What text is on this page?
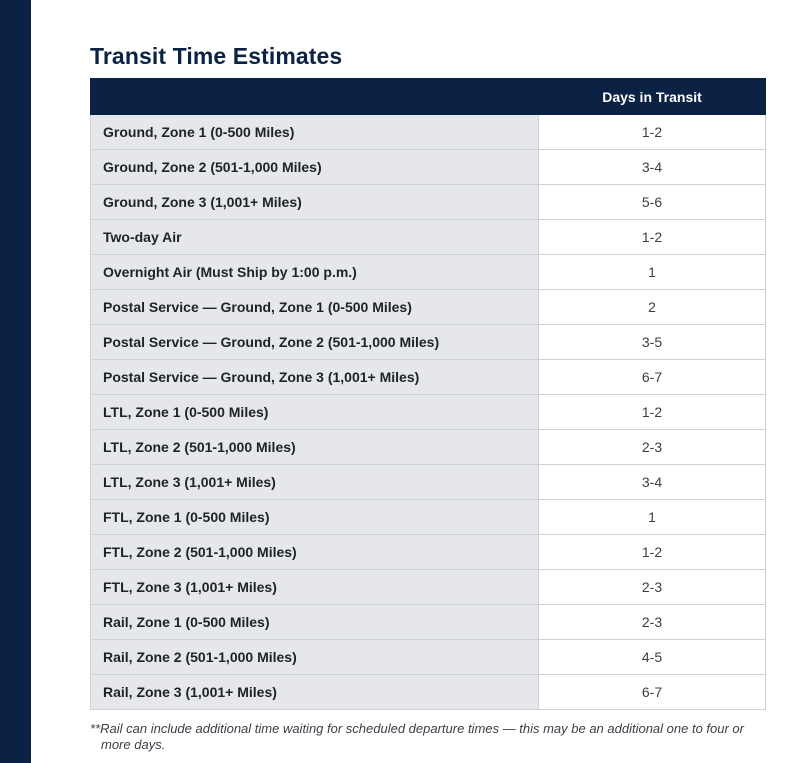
Transit Time Estimates
	Days in Transit
Ground, Zone 1 (0-500 Miles)	1-2
Ground, Zone 2 (501-1,000 Miles)	3-4
Ground, Zone 3 (1,001+ Miles)	5-6
Two-day Air	1-2
Overnight Air (Must Ship by 1:00 p.m.)	1
Postal Service — Ground, Zone 1 (0-500 Miles)	2
Postal Service — Ground, Zone 2 (501-1,000 Miles)	3-5
Postal Service — Ground, Zone 3 (1,001+ Miles)	6-7
LTL, Zone 1 (0-500 Miles)	1-2
LTL, Zone 2 (501-1,000 Miles)	2-3
LTL, Zone 3 (1,001+ Miles)	3-4
FTL, Zone 1 (0-500 Miles)	1
FTL, Zone 2 (501-1,000 Miles)	1-2
FTL, Zone 3 (1,001+ Miles)	2-3
Rail, Zone 1 (0-500 Miles)	2-3
Rail, Zone 2 (501-1,000 Miles)	4-5
Rail, Zone 3 (1,001+ Miles)	6-7

**Rail can include additional time waiting for scheduled departure times — this may be an additional one to four or more days.
